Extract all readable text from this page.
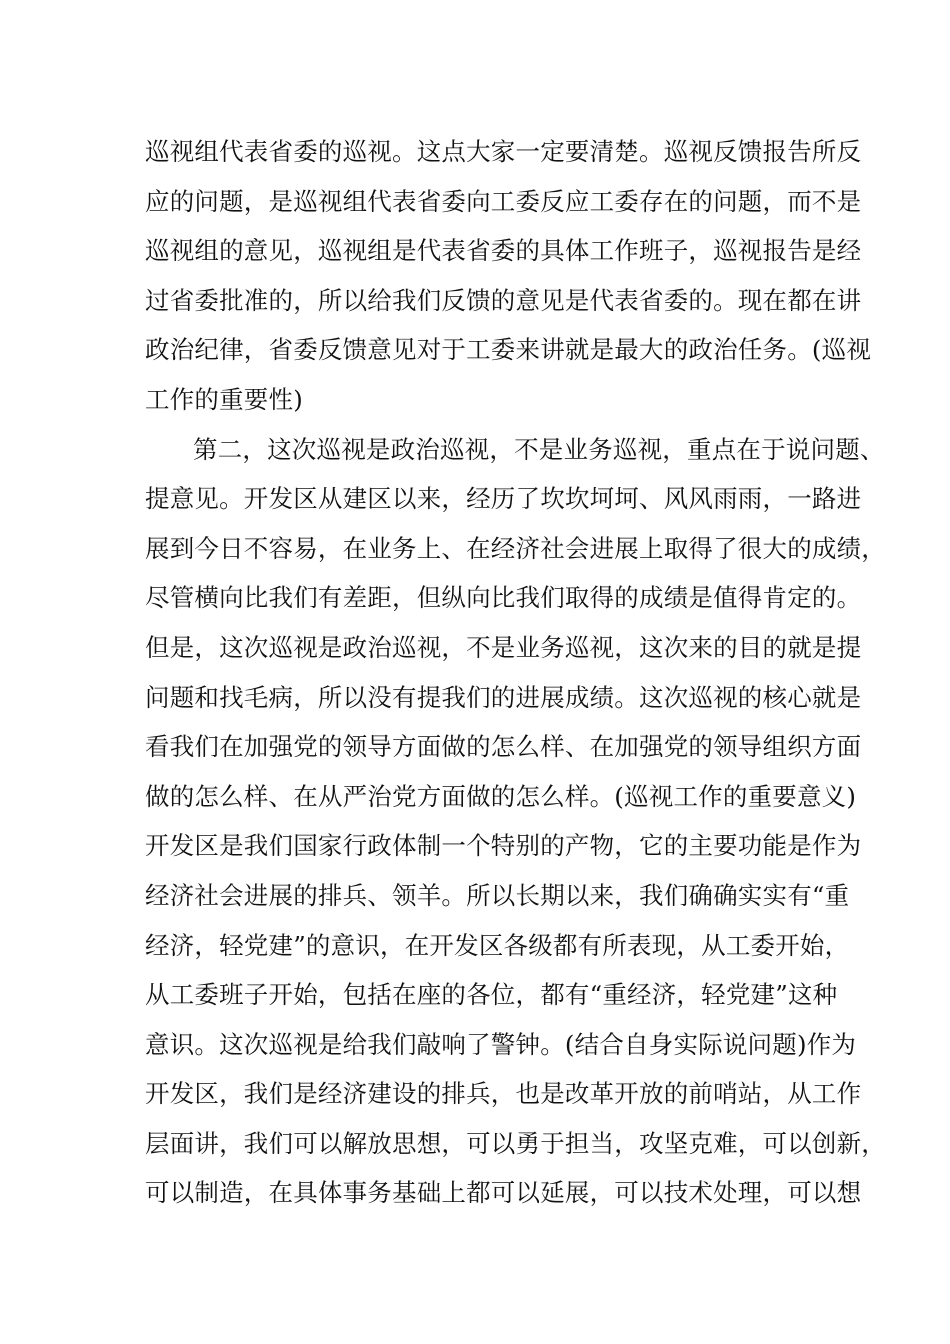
巡视组代表省委的巡视。这点大家一定要清楚。巡视反馈报告所反
应的问题，是巡视组代表省委向工委反应工委存在的问题，而不是
巡视组的意见，巡视组是代表省委的具体工作班子，巡视报告是经
过省委批准的，所以给我们反馈的意见是代表省委的。现在都在讲
政治纪律，省委反馈意见对于工委来讲就是最大的政治任务。(巡视
工作的重要性)
第二，这次巡视是政治巡视，不是业务巡视，重点在于说问题、
提意见。开发区从建区以来，经历了坎坎坷坷、风风雨雨，一路进
展到今日不容易，在业务上、在经济社会进展上取得了很大的成绩，
尽管横向比我们有差距，但纵向比我们取得的成绩是值得肯定的。
但是，这次巡视是政治巡视，不是业务巡视，这次来的目的就是提
问题和找毛病，所以没有提我们的进展成绩。这次巡视的核心就是
看我们在加强党的领导方面做的怎么样、在加强党的领导组织方面
做的怎么样、在从严治党方面做的怎么样。(巡视工作的重要意义)
开发区是我们国家行政体制一个特别的产物，它的主要功能是作为
经济社会进展的排兵、领羊。所以长期以来，我们确确实实有“重
经济，轻党建”的意识，在开发区各级都有所表现，从工委开始，
从工委班子开始，包括在座的各位，都有“重经济，轻党建”这种
意识。这次巡视是给我们敲响了警钟。(结合自身实际说问题)作为
开发区，我们是经济建设的排兵，也是改革开放的前哨站，从工作
层面讲，我们可以解放思想，可以勇于担当，攻坚克难，可以创新，
可以制造，在具体事务基础上都可以延展，可以技术处理，可以想
